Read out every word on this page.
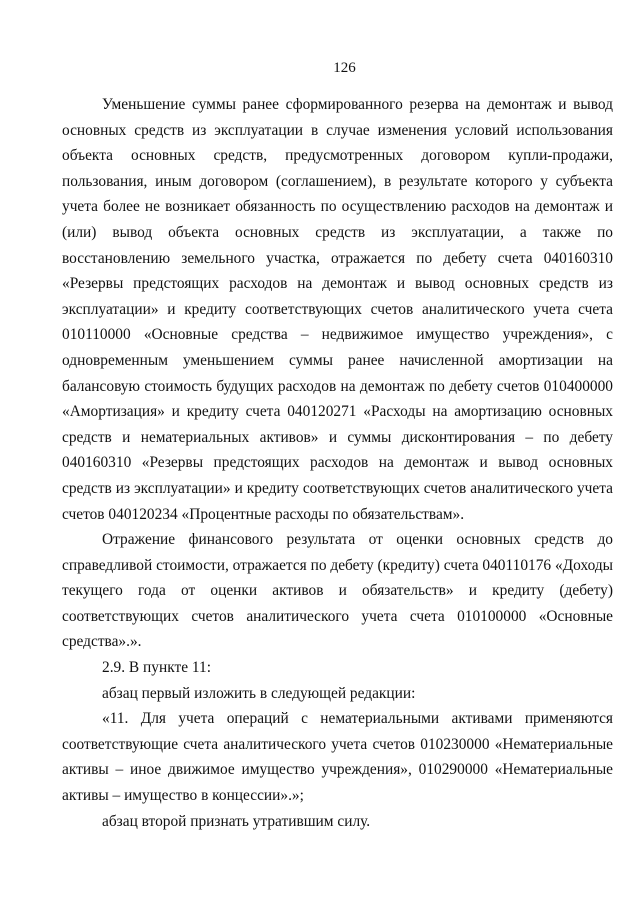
126

Уменьшение суммы ранее сформированного резерва на демонтаж и вывод основных средств из эксплуатации в случае изменения условий использования объекта основных средств, предусмотренных договором купли-продажи, пользования, иным договором (соглашением), в результате которого у субъекта учета более не возникает обязанность по осуществлению расходов на демонтаж и (или) вывод объекта основных средств из эксплуатации, а также по восстановлению земельного участка, отражается по дебету счета 040160310 «Резервы предстоящих расходов на демонтаж и вывод основных средств из эксплуатации» и кредиту соответствующих счетов аналитического учета счета 010110000 «Основные средства – недвижимое имущество учреждения», с одновременным уменьшением суммы ранее начисленной амортизации на балансовую стоимость будущих расходов на демонтаж по дебету счетов 010400000 «Амортизация» и кредиту счета 040120271 «Расходы на амортизацию основных средств и нематериальных активов» и суммы дисконтирования – по дебету 040160310 «Резервы предстоящих расходов на демонтаж и вывод основных средств из эксплуатации» и кредиту соответствующих счетов аналитического учета счетов 040120234 «Процентные расходы по обязательствам».

Отражение финансового результата от оценки основных средств до справедливой стоимости, отражается по дебету (кредиту) счета 040110176 «Доходы текущего года от оценки активов и обязательств» и кредиту (дебету) соответствующих счетов аналитического учета счета 010100000 «Основные средства».».

2.9. В пункте 11:

абзац первый изложить в следующей редакции:

«11. Для учета операций с нематериальными активами применяются соответствующие счета аналитического учета счетов 010230000 «Нематериальные активы – иное движимое имущество учреждения», 010290000 «Нематериальные активы – имущество в концессии».»;

абзац второй признать утратившим силу.
